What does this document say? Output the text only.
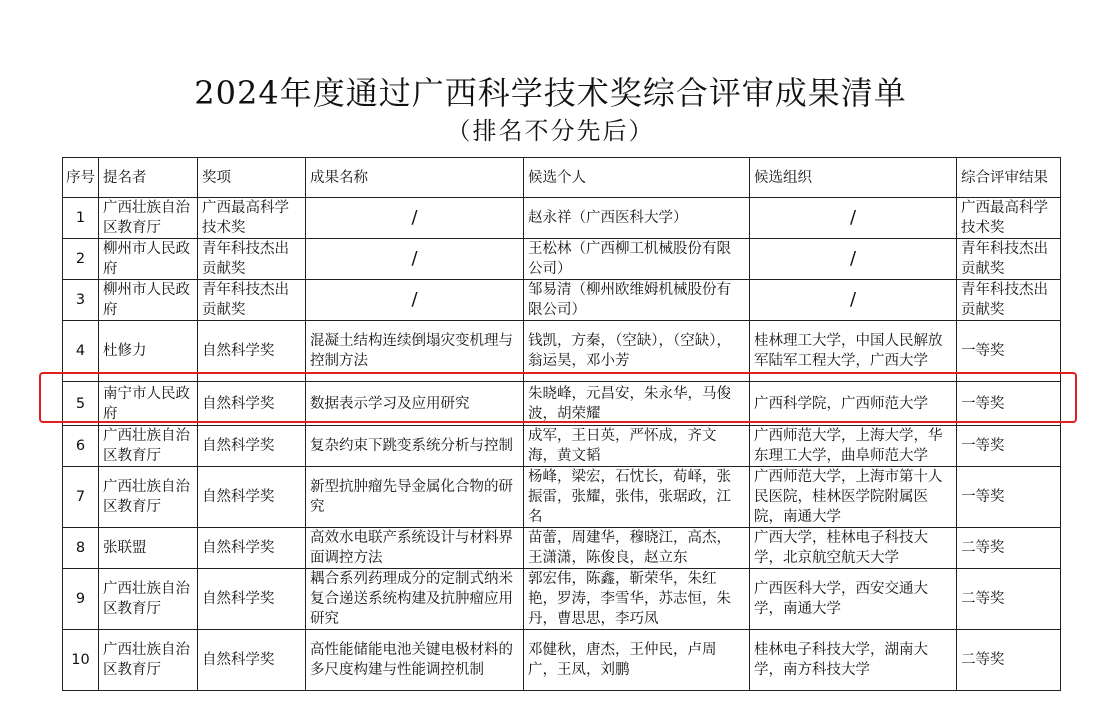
2024年度通过广西科学技术奖综合评审成果清单
（排名不分先后）
序号	提名者	奖项	成果名称	候选个人	候选组织	综合评审结果
1	广西壮族自治区教育厅	广西最高科学技术奖	/	赵永祥（广西医科大学）	/	广西最高科学技术奖
2	柳州市人民政府	青年科技杰出贡献奖	/	王松林（广西柳工机械股份有限公司）	/	青年科技杰出贡献奖
3	柳州市人民政府	青年科技杰出贡献奖	/	邹易清（柳州欧维姆机械股份有限公司）	/	青年科技杰出贡献奖
4	杜修力	自然科学奖	混凝土结构连续倒塌灾变机理与控制方法	钱凯，方秦，（空缺），（空缺），翁运昊，邓小芳	桂林理工大学，中国人民解放军陆军工程大学，广西大学	一等奖
5	南宁市人民政府	自然科学奖	数据表示学习及应用研究	朱晓峰，元昌安，朱永华，马俊波，胡荣耀	广西科学院，广西师范大学	一等奖
6	广西壮族自治区教育厅	自然科学奖	复杂约束下跳变系统分析与控制	成军，王日英，严怀成，齐文海，黄文韬	广西师范大学，上海大学，华东理工大学，曲阜师范大学	一等奖
7	广西壮族自治区教育厅	自然科学奖	新型抗肿瘤先导金属化合物的研究	杨峰，梁宏，石忱长，荀峄，张振雷，张耀，张伟，张琚政，江名	广西师范大学，上海市第十人民医院，桂林医学院附属医院，南通大学	一等奖
8	张联盟	自然科学奖	高效水电联产系统设计与材料界面调控方法	苗蕾，周建华，穆晓江，高杰，王潇潇，陈俊良，赵立东	广西大学，桂林电子科技大学，北京航空航天大学	二等奖
9	广西壮族自治区教育厅	自然科学奖	耦合系列药理成分的定制式纳米复合递送系统构建及抗肿瘤应用研究	郭宏伟，陈鑫，靳荣华，朱红艳，罗涛，李雪华，苏志恒，朱丹，曹思思，李巧凤	广西医科大学，西安交通大学，南通大学	二等奖
10	广西壮族自治区教育厅	自然科学奖	高性能储能电池关键电极材料的多尺度构建与性能调控机制	邓健秋，唐杰，王仲民，卢周广，王凤，刘鹏	桂林电子科技大学，湖南大学，南方科技大学	二等奖
